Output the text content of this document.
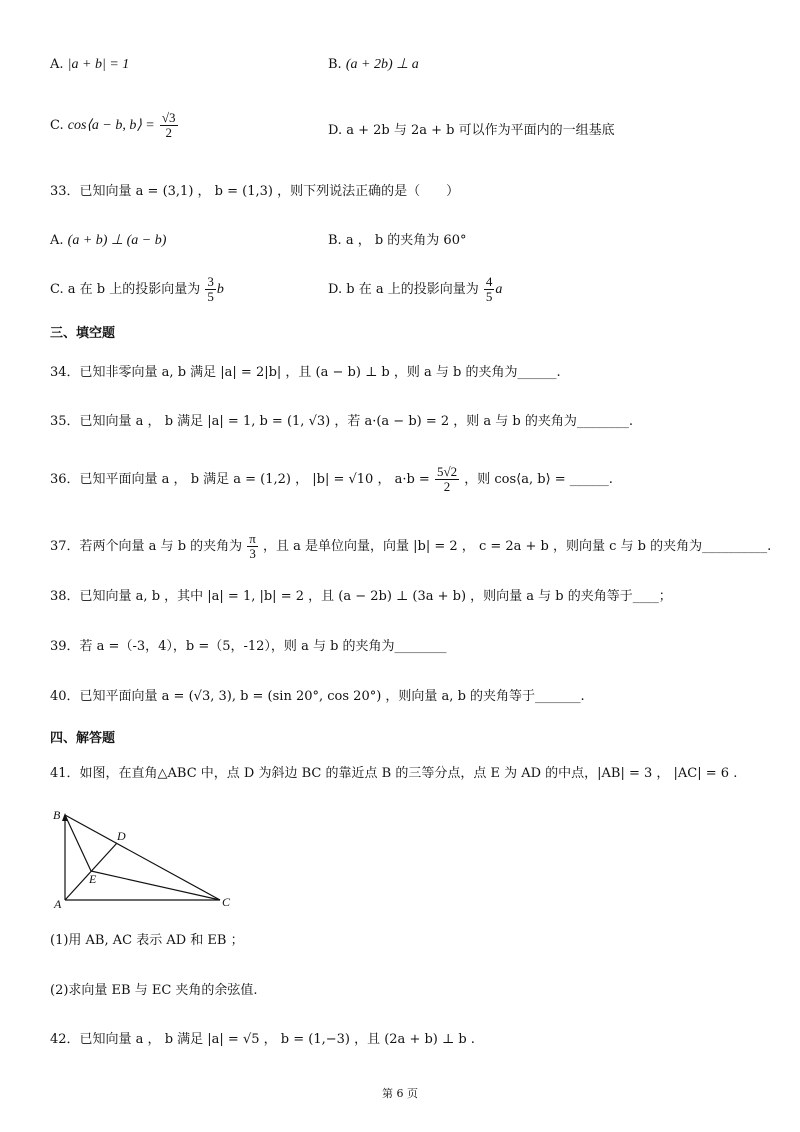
A. |a + b| = 1	B. (a + 2b) ⊥ a
C. cos⟨a − b, b⟩ = $\frac{√3}{2}$	D. a + 2b 与 2a + b 可以作为平面内的一组基底
33．已知向量 a = (3,1) ， b = (1,3) ，则下列说法正确的是（　　）
A. (a + b) ⊥ (a − b)	B. a ， b 的夹角为 60°
C. a 在 b 上的投影向量为 $\frac{3}{5}$ b	D. b 在 a 上的投影向量为 $\frac{4}{5}$ a
三、填空题
34．已知非零向量 a, b 满足 |a| = 2|b| ，且 (a − b) ⊥ b ，则 a 与 b 的夹角为______.
35．已知向量 a ， b 满足 |a| = 1, b = (1, √3) ，若 a·(a − b) = 2 ，则 a 与 b 的夹角为________.
36．已知平面向量 a ， b 满足 a = (1,2) ， |b| = √10 ， $a\cdot b = \frac{5√2}{2}$ ，则 cos⟨a, b⟩ = ______.
37．若两个向量 a 与 b 的夹角为 $\frac{\pi}{3}$ ，且 a 是单位向量，向量 |b| = 2 ， c = 2a + b ，则向量 c 与 b 的夹角为__________.
38．已知向量 a, b ，其中 |a| = 1, |b| = 2 ，且 (a − 2b) ⊥ (3a + b) ，则向量 a 与 b 的夹角等于____；
39．若 a =（-3，4），b =（5，-12），则 a 与 b 的夹角为________
40．已知平面向量 a = (√3, 3), b = (sin 20°, cos 20°) ，则向量 a, b 的夹角等于_______.
四、解答题
41．如图，在直角△ABC 中，点 D 为斜边 BC 的靠近点 B 的三等分点，点 E 为 AD 的中点，|AB| = 3 ， |AC| = 6 .
B
D
E
A	C
(1)用 AB, AC 表示 AD 和 EB ；
(2)求向量 EB 与 EC 夹角的余弦值.
42．已知向量 a ， b 满足 |a| = √5 ， b = (1,−3) ，且 (2a + b) ⊥ b .
第 6 页
